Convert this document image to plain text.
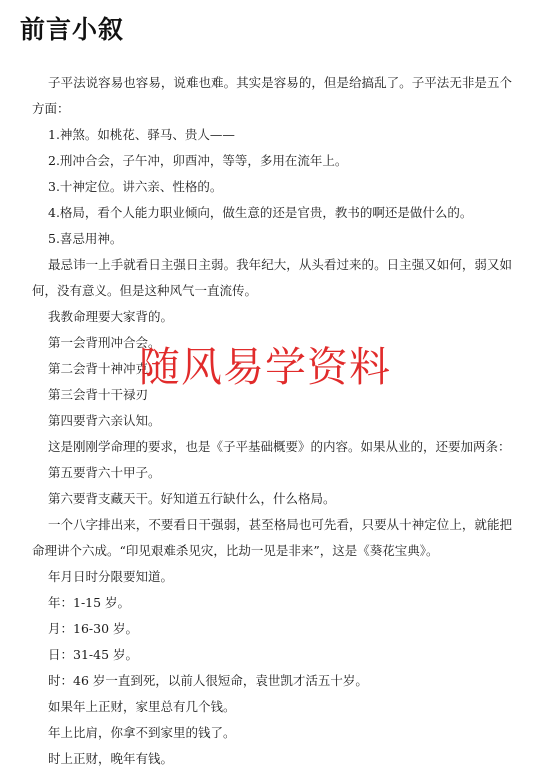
前言小叙

子平法说容易也容易，说难也难。其实是容易的，但是给搞乱了。子平法无非是五个方面：

1.神煞。如桃花、驿马、贵人——

2.刑冲合会，子午冲，卯酉冲，等等，多用在流年上。

3.十神定位。讲六亲、性格的。

4.格局，看个人能力职业倾向，做生意的还是官贵，教书的啊还是做什么的。

5.喜忌用神。

最忌讳一上手就看日主强日主弱。我年纪大，从头看过来的。日主强又如何，弱又如何，没有意义。但是这种风气一直流传。

我教命理要大家背的。

第一会背刑冲合会。

第二会背十神冲克

第三会背十干禄刃

第四要背六亲认知。

这是刚刚学命理的要求，也是《子平基础概要》的内容。如果从业的，还要加两条：

第五要背六十甲子。

第六要背支藏天干。好知道五行缺什么，什么格局。

一个八字排出来，不要看日干强弱，甚至格局也可先看，只要从十神定位上，就能把命理讲个六成。“印见艰难杀见灾，比劫一见是非来”，这是《葵花宝典》。

年月日时分限要知道。

年：1-15 岁。

月：16-30 岁。

日：31-45 岁。

时：46 岁一直到死，以前人很短命，袁世凯才活五十岁。

如果年上正财，家里总有几个钱。

年上比肩，你拿不到家里的钱了。

时上正财，晚年有钱。

随风易学资料
